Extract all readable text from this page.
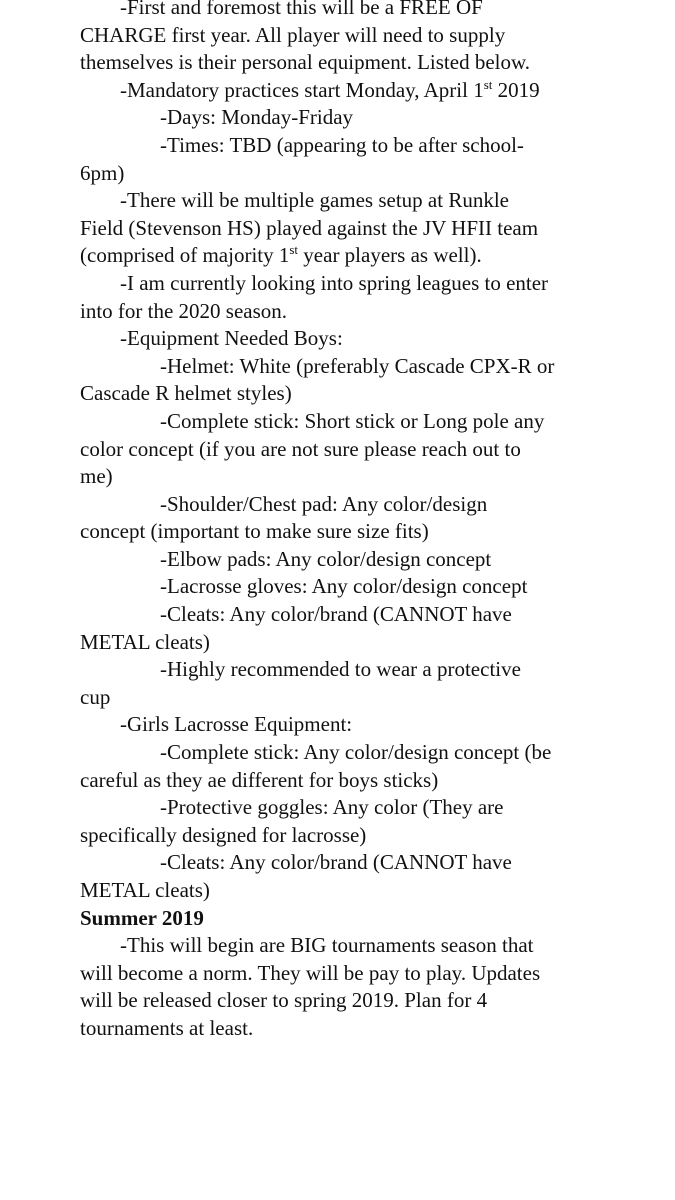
-First and foremost this will be a FREE OF
CHARGE first year. All player will need to supply
themselves is their personal equipment. Listed below.
-Mandatory practices start Monday, April 1st 2019
-Days: Monday-Friday
-Times: TBD (appearing to be after school-
6pm)
-There will be multiple games setup at Runkle
Field (Stevenson HS) played against the JV HFII team
(comprised of majority 1st year players as well).
-I am currently looking into spring leagues to enter
into for the 2020 season.
-Equipment Needed Boys:
-Helmet: White (preferably Cascade CPX-R or
Cascade R helmet styles)
-Complete stick: Short stick or Long pole any
color concept (if you are not sure please reach out to
me)
-Shoulder/Chest pad: Any color/design
concept (important to make sure size fits)
-Elbow pads: Any color/design concept
-Lacrosse gloves: Any color/design concept
-Cleats: Any color/brand (CANNOT have
METAL cleats)
-Highly recommended to wear a protective
cup
-Girls Lacrosse Equipment:
-Complete stick: Any color/design concept (be
careful as they ae different for boys sticks)
-Protective goggles: Any color (They are
specifically designed for lacrosse)
-Cleats: Any color/brand (CANNOT have
METAL cleats)
Summer 2019
-This will begin are BIG tournaments season that
will become a norm. They will be pay to play. Updates
will be released closer to spring 2019. Plan for 4
tournaments at least.
